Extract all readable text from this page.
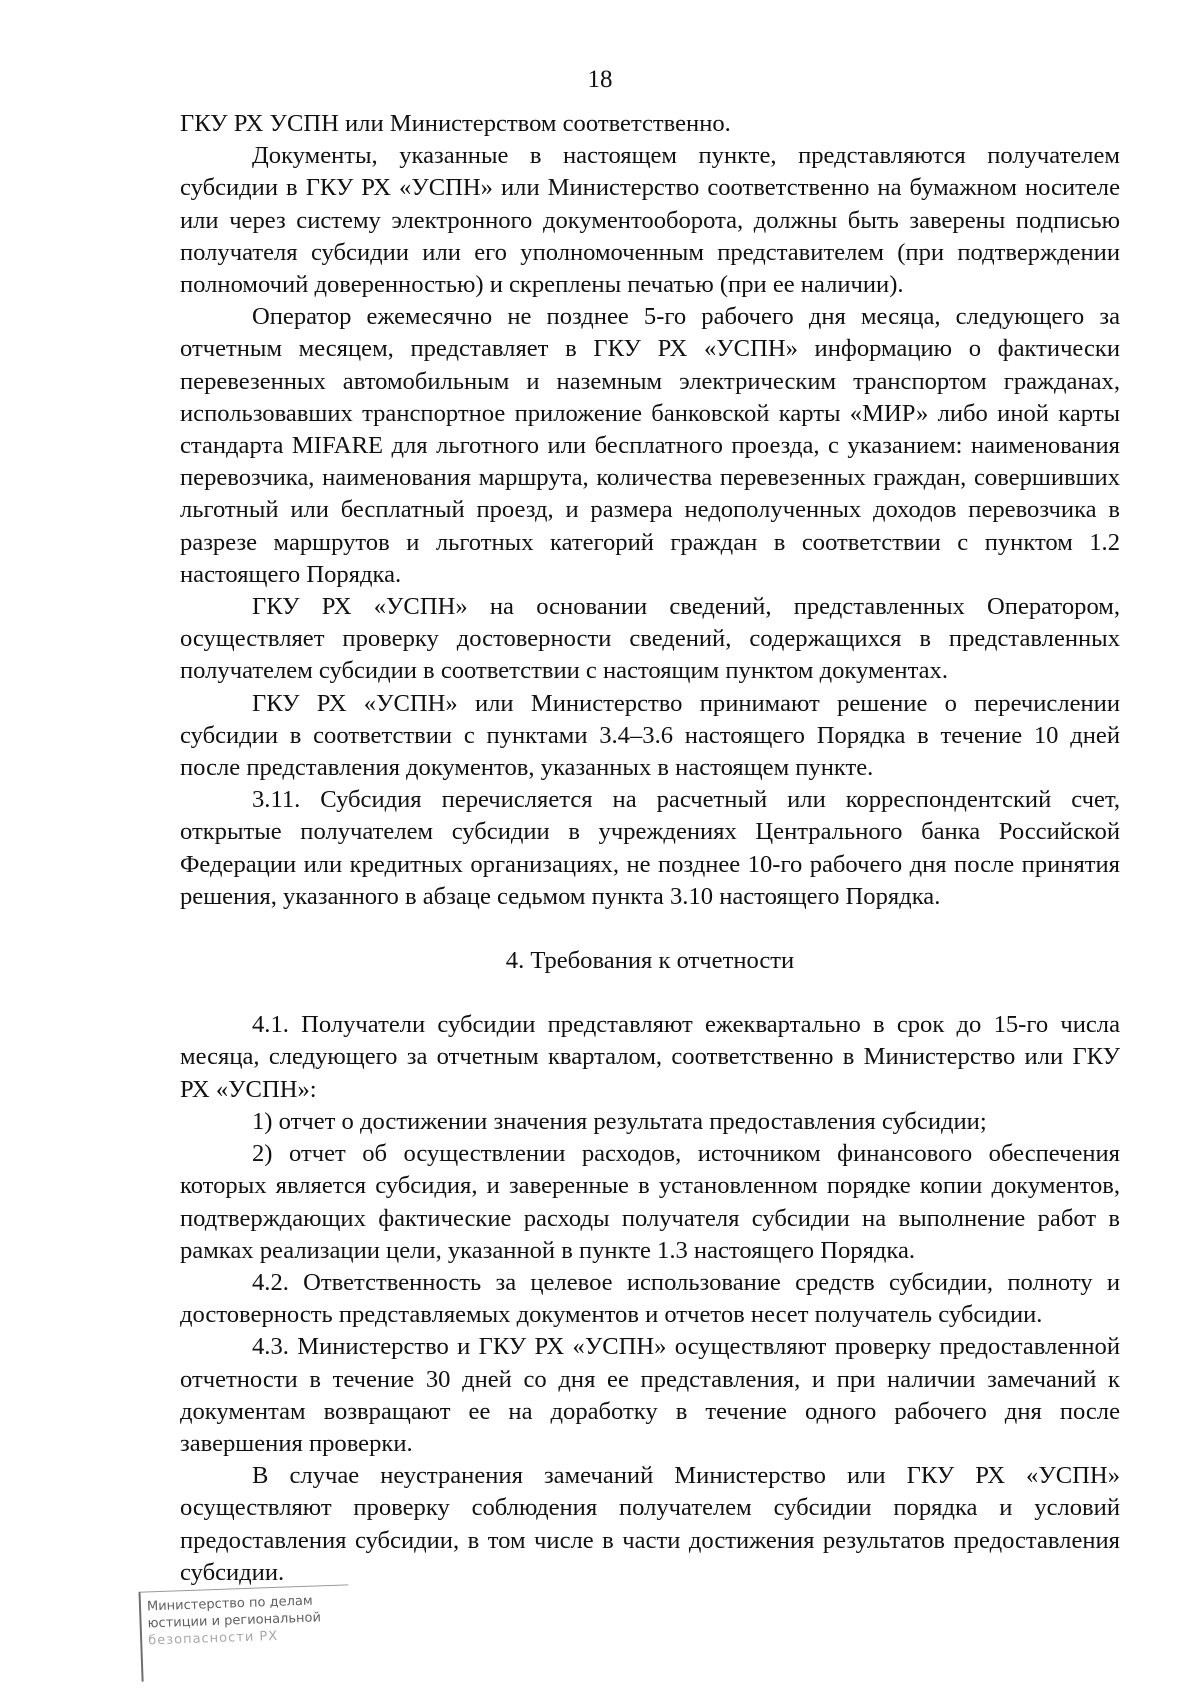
18

ГКУ РХ УСПН или Министерством соответственно.

Документы, указанные в настоящем пункте, представляются получателем субсидии в ГКУ РХ «УСПН» или Министерство соответственно на бумажном носителе или через систему электронного документооборота, должны быть заверены подписью получателя субсидии или его уполномоченным представителем (при подтверждении полномочий доверенностью) и скреплены печатью (при ее наличии).

Оператор ежемесячно не позднее 5-го рабочего дня месяца, следующего за отчетным месяцем, представляет в ГКУ РХ «УСПН» информацию о фактически перевезенных автомобильным и наземным электрическим транспортом гражданах, использовавших транспортное приложение банковской карты «МИР» либо иной карты стандарта MIFARE для льготного или бесплатного проезда, с указанием: наименования перевозчика, наименования маршрута, количества перевезенных граждан, совершивших льготный или бесплатный проезд, и размера недополученных доходов перевозчика в разрезе маршрутов и льготных категорий граждан в соответствии с пунктом 1.2 настоящего Порядка.

ГКУ РХ «УСПН» на основании сведений, представленных Оператором, осуществляет проверку достоверности сведений, содержащихся в представленных получателем субсидии в соответствии с настоящим пунктом документах.

ГКУ РХ «УСПН» или Министерство принимают решение о перечислении субсидии в соответствии с пунктами 3.4–3.6 настоящего Порядка в течение 10 дней после представления документов, указанных в настоящем пункте.

3.11. Субсидия перечисляется на расчетный или корреспондентский счет, открытые получателем субсидии в учреждениях Центрального банка Российской Федерации или кредитных организациях, не позднее 10-го рабочего дня после принятия решения, указанного в абзаце седьмом пункта 3.10 настоящего Порядка.

4. Требования к отчетности

4.1. Получатели субсидии представляют ежеквартально в срок до 15-го числа месяца, следующего за отчетным кварталом, соответственно в Министерство или ГКУ РХ «УСПН»:

1) отчет о достижении значения результата предоставления субсидии;

2) отчет об осуществлении расходов, источником финансового обеспечения которых является субсидия, и заверенные в установленном порядке копии документов, подтверждающих фактические расходы получателя субсидии на выполнение работ в рамках реализации цели, указанной в пункте 1.3 настоящего Порядка.

4.2. Ответственность за целевое использование средств субсидии, полноту и достоверность представляемых документов и отчетов несет получатель субсидии.

4.3. Министерство и ГКУ РХ «УСПН» осуществляют проверку предоставленной отчетности в течение 30 дней со дня ее представления, и при наличии замечаний к документам возвращают ее на доработку в течение одного рабочего дня после завершения проверки.

В случае неустранения замечаний Министерство или ГКУ РХ «УСПН» осуществляют проверку соблюдения получателем субсидии порядка и условий предоставления субсидии, в том числе в части достижения результатов предоставления субсидии.

Министерство по делам
юстиции и региональной
безопасности РХ
